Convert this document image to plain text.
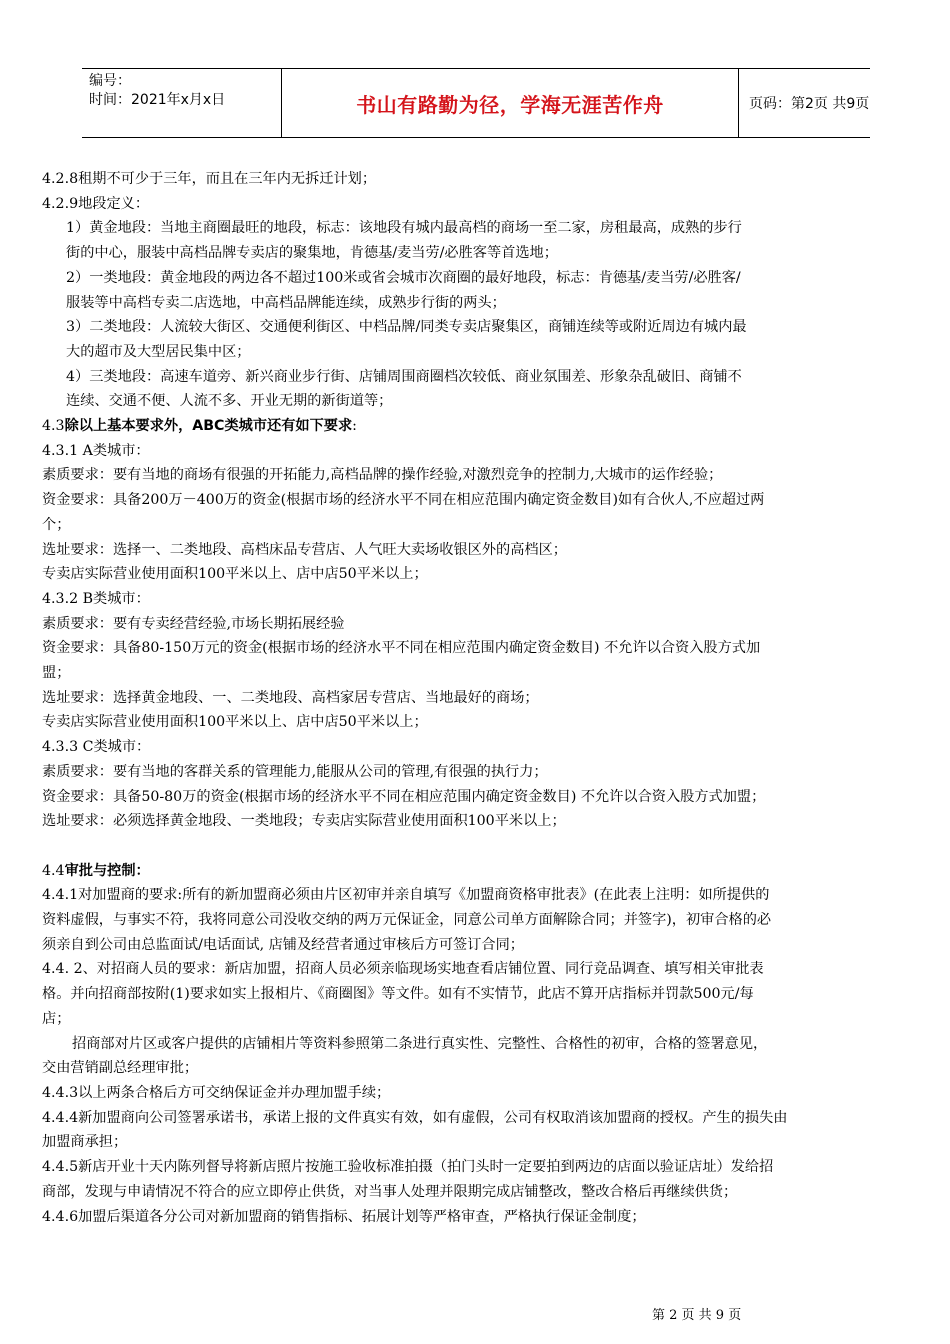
编号：
时间：2021年x月x日	书山有路勤为径，学海无涯苦作舟	页码：第2页 共9页

4.2.8租期不可少于三年，而且在三年内无拆迁计划；

4.2.9地段定义：

1）黄金地段：当地主商圈最旺的地段，标志：该地段有城内最高档的商场一至二家，房租最高，成熟的步行

街的中心，服装中高档品牌专卖店的聚集地，肯德基/麦当劳/必胜客等首选地；

2）一类地段：黄金地段的两边各不超过100米或省会城市次商圈的最好地段，标志：肯德基/麦当劳/必胜客/

服装等中高档专卖二店选地，中高档品牌能连续，成熟步行街的两头；

3）二类地段：人流较大街区、交通便利街区、中档品牌/同类专卖店聚集区，商铺连续等或附近周边有城内最

大的超市及大型居民集中区；

4）三类地段：高速车道旁、新兴商业步行街、店铺周围商圈档次较低、商业氛围差、形象杂乱破旧、商铺不

连续、交通不便、人流不多、开业无期的新街道等；

4.3除以上基本要求外，ABC类城市还有如下要求:

4.3.1 A类城市：

素质要求：要有当地的商场有很强的开拓能力,高档品牌的操作经验,对激烈竞争的控制力,大城市的运作经验；

资金要求：具备200万－400万的资金(根据市场的经济水平不同在相应范围内确定资金数目)如有合伙人,不应超过两

个；

选址要求：选择一、二类地段、高档床品专营店、人气旺大卖场收银区外的高档区；

专卖店实际营业使用面积100平米以上、店中店50平米以上；

4.3.2 B类城市：

素质要求：要有专卖经营经验,市场长期拓展经验

资金要求：具备80-150万元的资金(根据市场的经济水平不同在相应范围内确定资金数目) 不允许以合资入股方式加

盟；

选址要求：选择黄金地段、一、二类地段、高档家居专营店、当地最好的商场；

专卖店实际营业使用面积100平米以上、店中店50平米以上；

4.3.3 C类城市：

素质要求：要有当地的客群关系的管理能力,能服从公司的管理,有很强的执行力；

资金要求：具备50-80万的资金(根据市场的经济水平不同在相应范围内确定资金数目) 不允许以合资入股方式加盟；

选址要求：必须选择黄金地段、一类地段；专卖店实际营业使用面积100平米以上；

4.4审批与控制：

4.4.1对加盟商的要求:所有的新加盟商必须由片区初审并亲自填写《加盟商资格审批表》(在此表上注明：如所提供的

资料虚假，与事实不符，我将同意公司没收交纳的两万元保证金，同意公司单方面解除合同；并签字)，初审合格的必

须亲自到公司由总监面试/电话面试, 店铺及经营者通过审核后方可签订合同；

4.4. 2、对招商人员的要求：新店加盟，招商人员必须亲临现场实地查看店铺位置、同行竞品调查、填写相关审批表

格。并向招商部按附(1)要求如实上报相片、《商圈图》等文件。如有不实情节，此店不算开店指标并罚款500元/每

店；

招商部对片区或客户提供的店铺相片等资料参照第二条进行真实性、完整性、合格性的初审，合格的签署意见，

交由营销副总经理审批；

4.4.3以上两条合格后方可交纳保证金并办理加盟手续；

4.4.4新加盟商向公司签署承诺书，承诺上报的文件真实有效，如有虚假，公司有权取消该加盟商的授权。产生的损失由

加盟商承担；

4.4.5新店开业十天内陈列督导将新店照片按施工验收标准拍摄（拍门头时一定要拍到两边的店面以验证店址）发给招

商部，发现与申请情况不符合的应立即停止供货，对当事人处理并限期完成店铺整改，整改合格后再继续供货；

4.4.6加盟后渠道各分公司对新加盟商的销售指标、拓展计划等严格审查，严格执行保证金制度；

第 2 页 共 9 页
